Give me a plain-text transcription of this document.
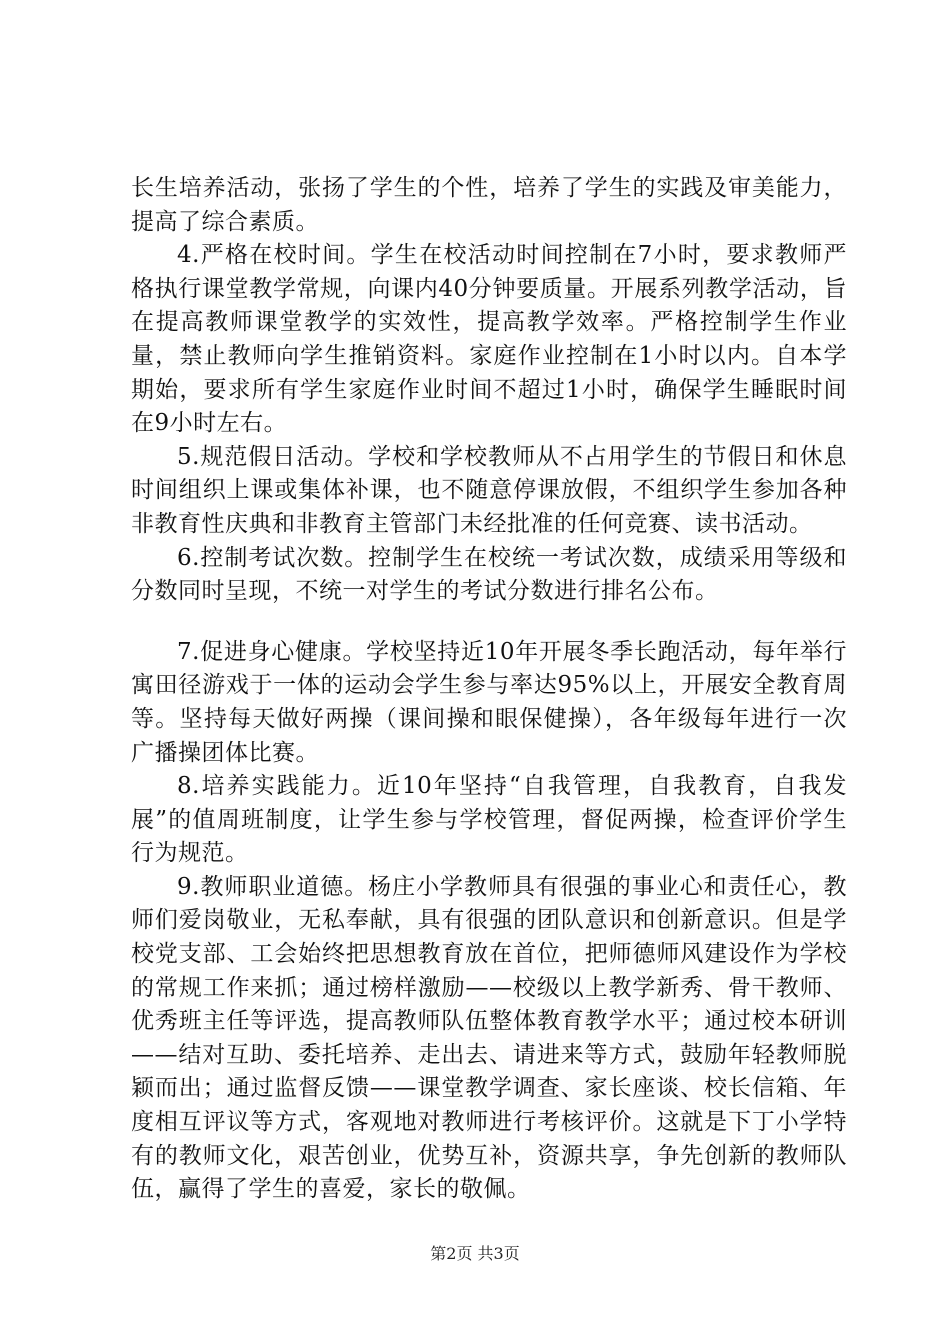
长生培养活动，张扬了学生的个性，培养了学生的实践及审美能力，提高了综合素质。

4.严格在校时间。学生在校活动时间控制在7小时，要求教师严格执行课堂教学常规，向课内40分钟要质量。开展系列教学活动，旨在提高教师课堂教学的实效性，提高教学效率。严格控制学生作业量，禁止教师向学生推销资料。家庭作业控制在1小时以内。自本学期始，要求所有学生家庭作业时间不超过1小时，确保学生睡眠时间在9小时左右。

5.规范假日活动。学校和学校教师从不占用学生的节假日和休息时间组织上课或集体补课，也不随意停课放假，不组织学生参加各种非教育性庆典和非教育主管部门未经批准的任何竞赛、读书活动。

6.控制考试次数。控制学生在校统一考试次数，成绩采用等级和分数同时呈现，不统一对学生的考试分数进行排名公布。

7.促进身心健康。学校坚持近10年开展冬季长跑活动，每年举行寓田径游戏于一体的运动会学生参与率达95%以上，开展安全教育周等。坚持每天做好两操（课间操和眼保健操），各年级每年进行一次广播操团体比赛。

8.培养实践能力。近10年坚持“自我管理，自我教育，自我发展”的值周班制度，让学生参与学校管理，督促两操，检查评价学生行为规范。

9.教师职业道德。杨庄小学教师具有很强的事业心和责任心，教师们爱岗敬业，无私奉献，具有很强的团队意识和创新意识。但是学校党支部、工会始终把思想教育放在首位，把师德师风建设作为学校的常规工作来抓；通过榜样激励——校级以上教学新秀、骨干教师、优秀班主任等评选，提高教师队伍整体教育教学水平；通过校本研训——结对互助、委托培养、走出去、请进来等方式，鼓励年轻教师脱颖而出；通过监督反馈——课堂教学调查、家长座谈、校长信箱、年度相互评议等方式，客观地对教师进行考核评价。这就是下丁小学特有的教师文化，艰苦创业，优势互补，资源共享，争先创新的教师队伍，赢得了学生的喜爱，家长的敬佩。

第2页 共3页
